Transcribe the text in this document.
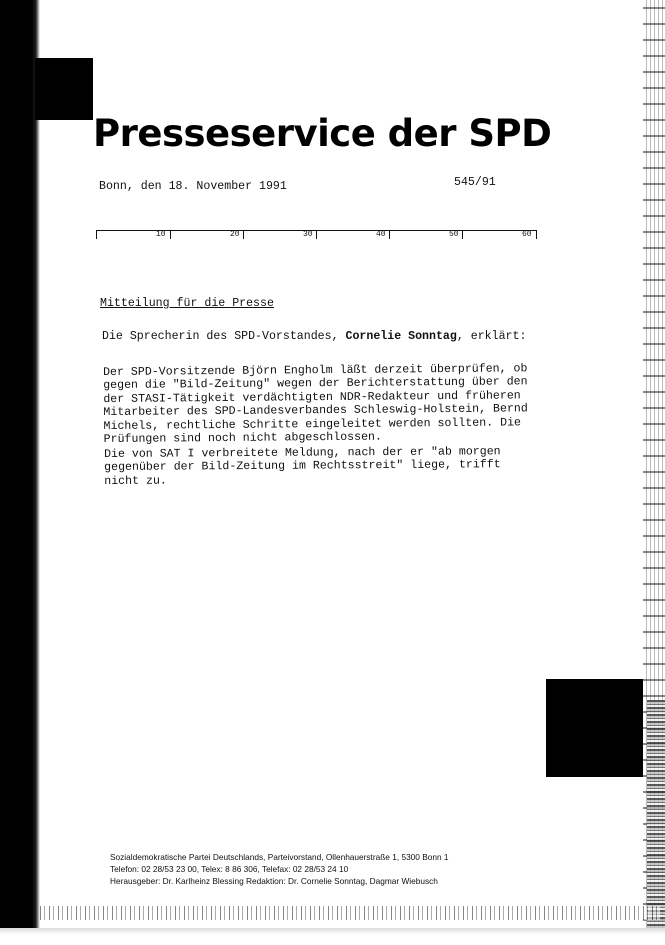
Presseservice der SPD
Bonn, den 18. November 1991	545/91
10	20	30	40	50	60
Mitteilung für die Presse
Die Sprecherin des SPD-Vorstandes, Cornelie Sonntag, erklärt:

Der SPD-Vorsitzende Björn Engholm läßt derzeit überprüfen, ob
gegen die "Bild-Zeitung" wegen der Berichterstattung über den
der STASI-Tätigkeit verdächtigten NDR-Redakteur und früheren
Mitarbeiter des SPD-Landesverbandes Schleswig-Holstein, Bernd
Michels, rechtliche Schritte eingeleitet werden sollten. Die
Prüfungen sind noch nicht abgeschlossen.

Die von SAT I verbreitete Meldung, nach der er "ab morgen
gegenüber der Bild-Zeitung im Rechtsstreit" liege, trifft
nicht zu.

Sozialdemokratische Partei Deutschlands, Parteivorstand, Ollenhauerstraße 1, 5300 Bonn 1
Telefon: 02 28/53 23 00, Telex: 8 86 306, Telefax: 02 28/53 24 10
Herausgeber: Dr. Karlheinz Blessing Redaktion: Dr. Cornelie Sonntag, Dagmar Wiebusch
